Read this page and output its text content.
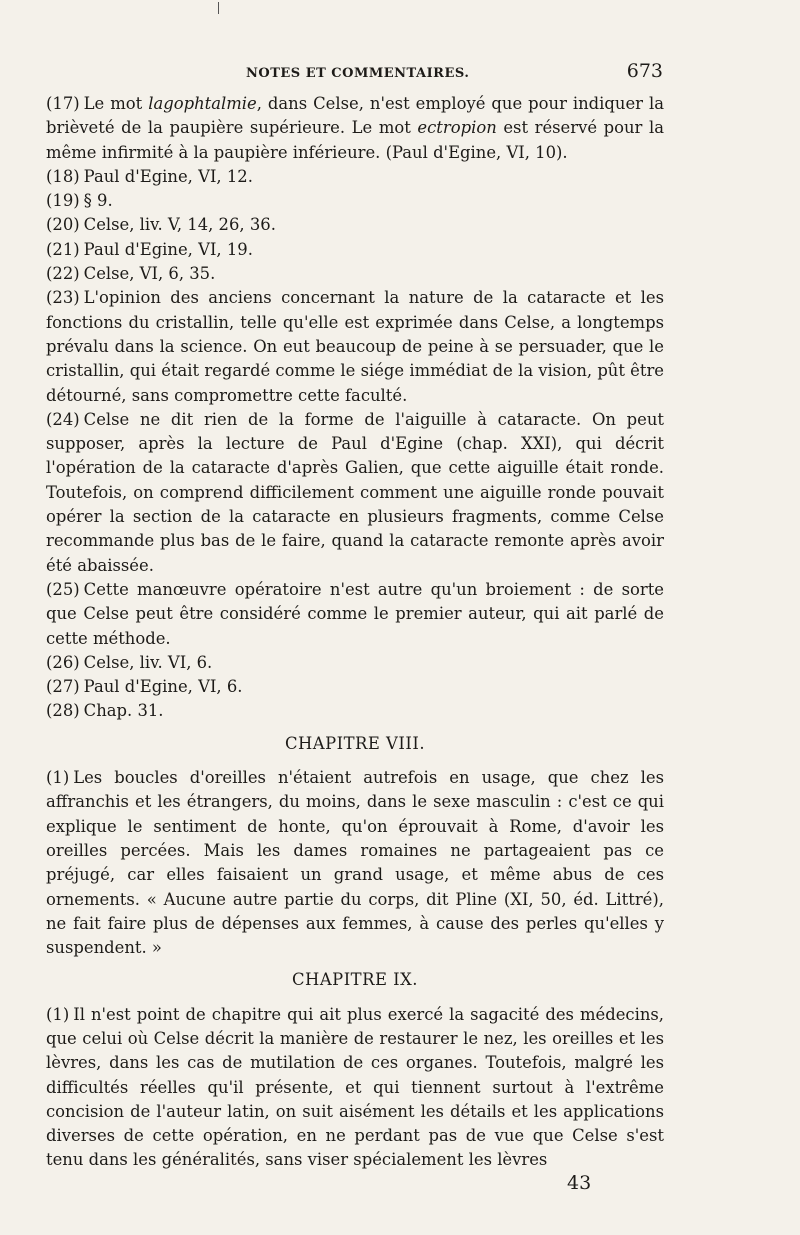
NOTES ET COMMENTAIRES.	673

(17) Le mot lagophtalmie, dans Celse, n'est employé que pour indiquer la brièveté de la paupière supérieure. Le mot ectropion est réservé pour la même infirmité à la paupière inférieure. (Paul d'Egine, VI, 10).

(18) Paul d'Egine, VI, 12.

(19) § 9.

(20) Celse, liv. V, 14, 26, 36.

(21) Paul d'Egine, VI, 19.

(22) Celse, VI, 6, 35.

(23) L'opinion des anciens concernant la nature de la cataracte et les fonctions du cristallin, telle qu'elle est exprimée dans Celse, a longtemps prévalu dans la science. On eut beaucoup de peine à se persuader, que le cristallin, qui était regardé comme le siége immédiat de la vision, pût être détourné, sans compromettre cette faculté.

(24) Celse ne dit rien de la forme de l'aiguille à cataracte. On peut supposer, après la lecture de Paul d'Egine (chap. XXI), qui décrit l'opération de la cataracte d'après Galien, que cette aiguille était ronde. Toutefois, on comprend difficilement comment une aiguille ronde pouvait opérer la section de la cataracte en plusieurs fragments, comme Celse recommande plus bas de le faire, quand la cataracte remonte après avoir été abaissée.

(25) Cette manœuvre opératoire n'est autre qu'un broiement : de sorte que Celse peut être considéré comme le premier auteur, qui ait parlé de cette méthode.

(26) Celse, liv. VI, 6.

(27) Paul d'Egine, VI, 6.

(28) Chap. 31.

CHAPITRE VIII.

(1) Les boucles d'oreilles n'étaient autrefois en usage, que chez les affranchis et les étrangers, du moins, dans le sexe masculin : c'est ce qui explique le sentiment de honte, qu'on éprouvait à Rome, d'avoir les oreilles percées. Mais les dames romaines ne partageaient pas ce préjugé, car elles faisaient un grand usage, et même abus de ces ornements. « Aucune autre partie du corps, dit Pline (XI, 50, éd. Littré), ne fait faire plus de dépenses aux femmes, à cause des perles qu'elles y suspendent. »

CHAPITRE IX.

(1) Il n'est point de chapitre qui ait plus exercé la sagacité des médecins, que celui où Celse décrit la manière de restaurer le nez, les oreilles et les lèvres, dans les cas de mutilation de ces organes. Toutefois, malgré les difficultés réelles qu'il présente, et qui tiennent surtout à l'extrême concision de l'auteur latin, on suit aisément les détails et les applications diverses de cette opération, en ne perdant pas de vue que Celse s'est tenu dans les généralités, sans viser spécialement les lèvres

43
